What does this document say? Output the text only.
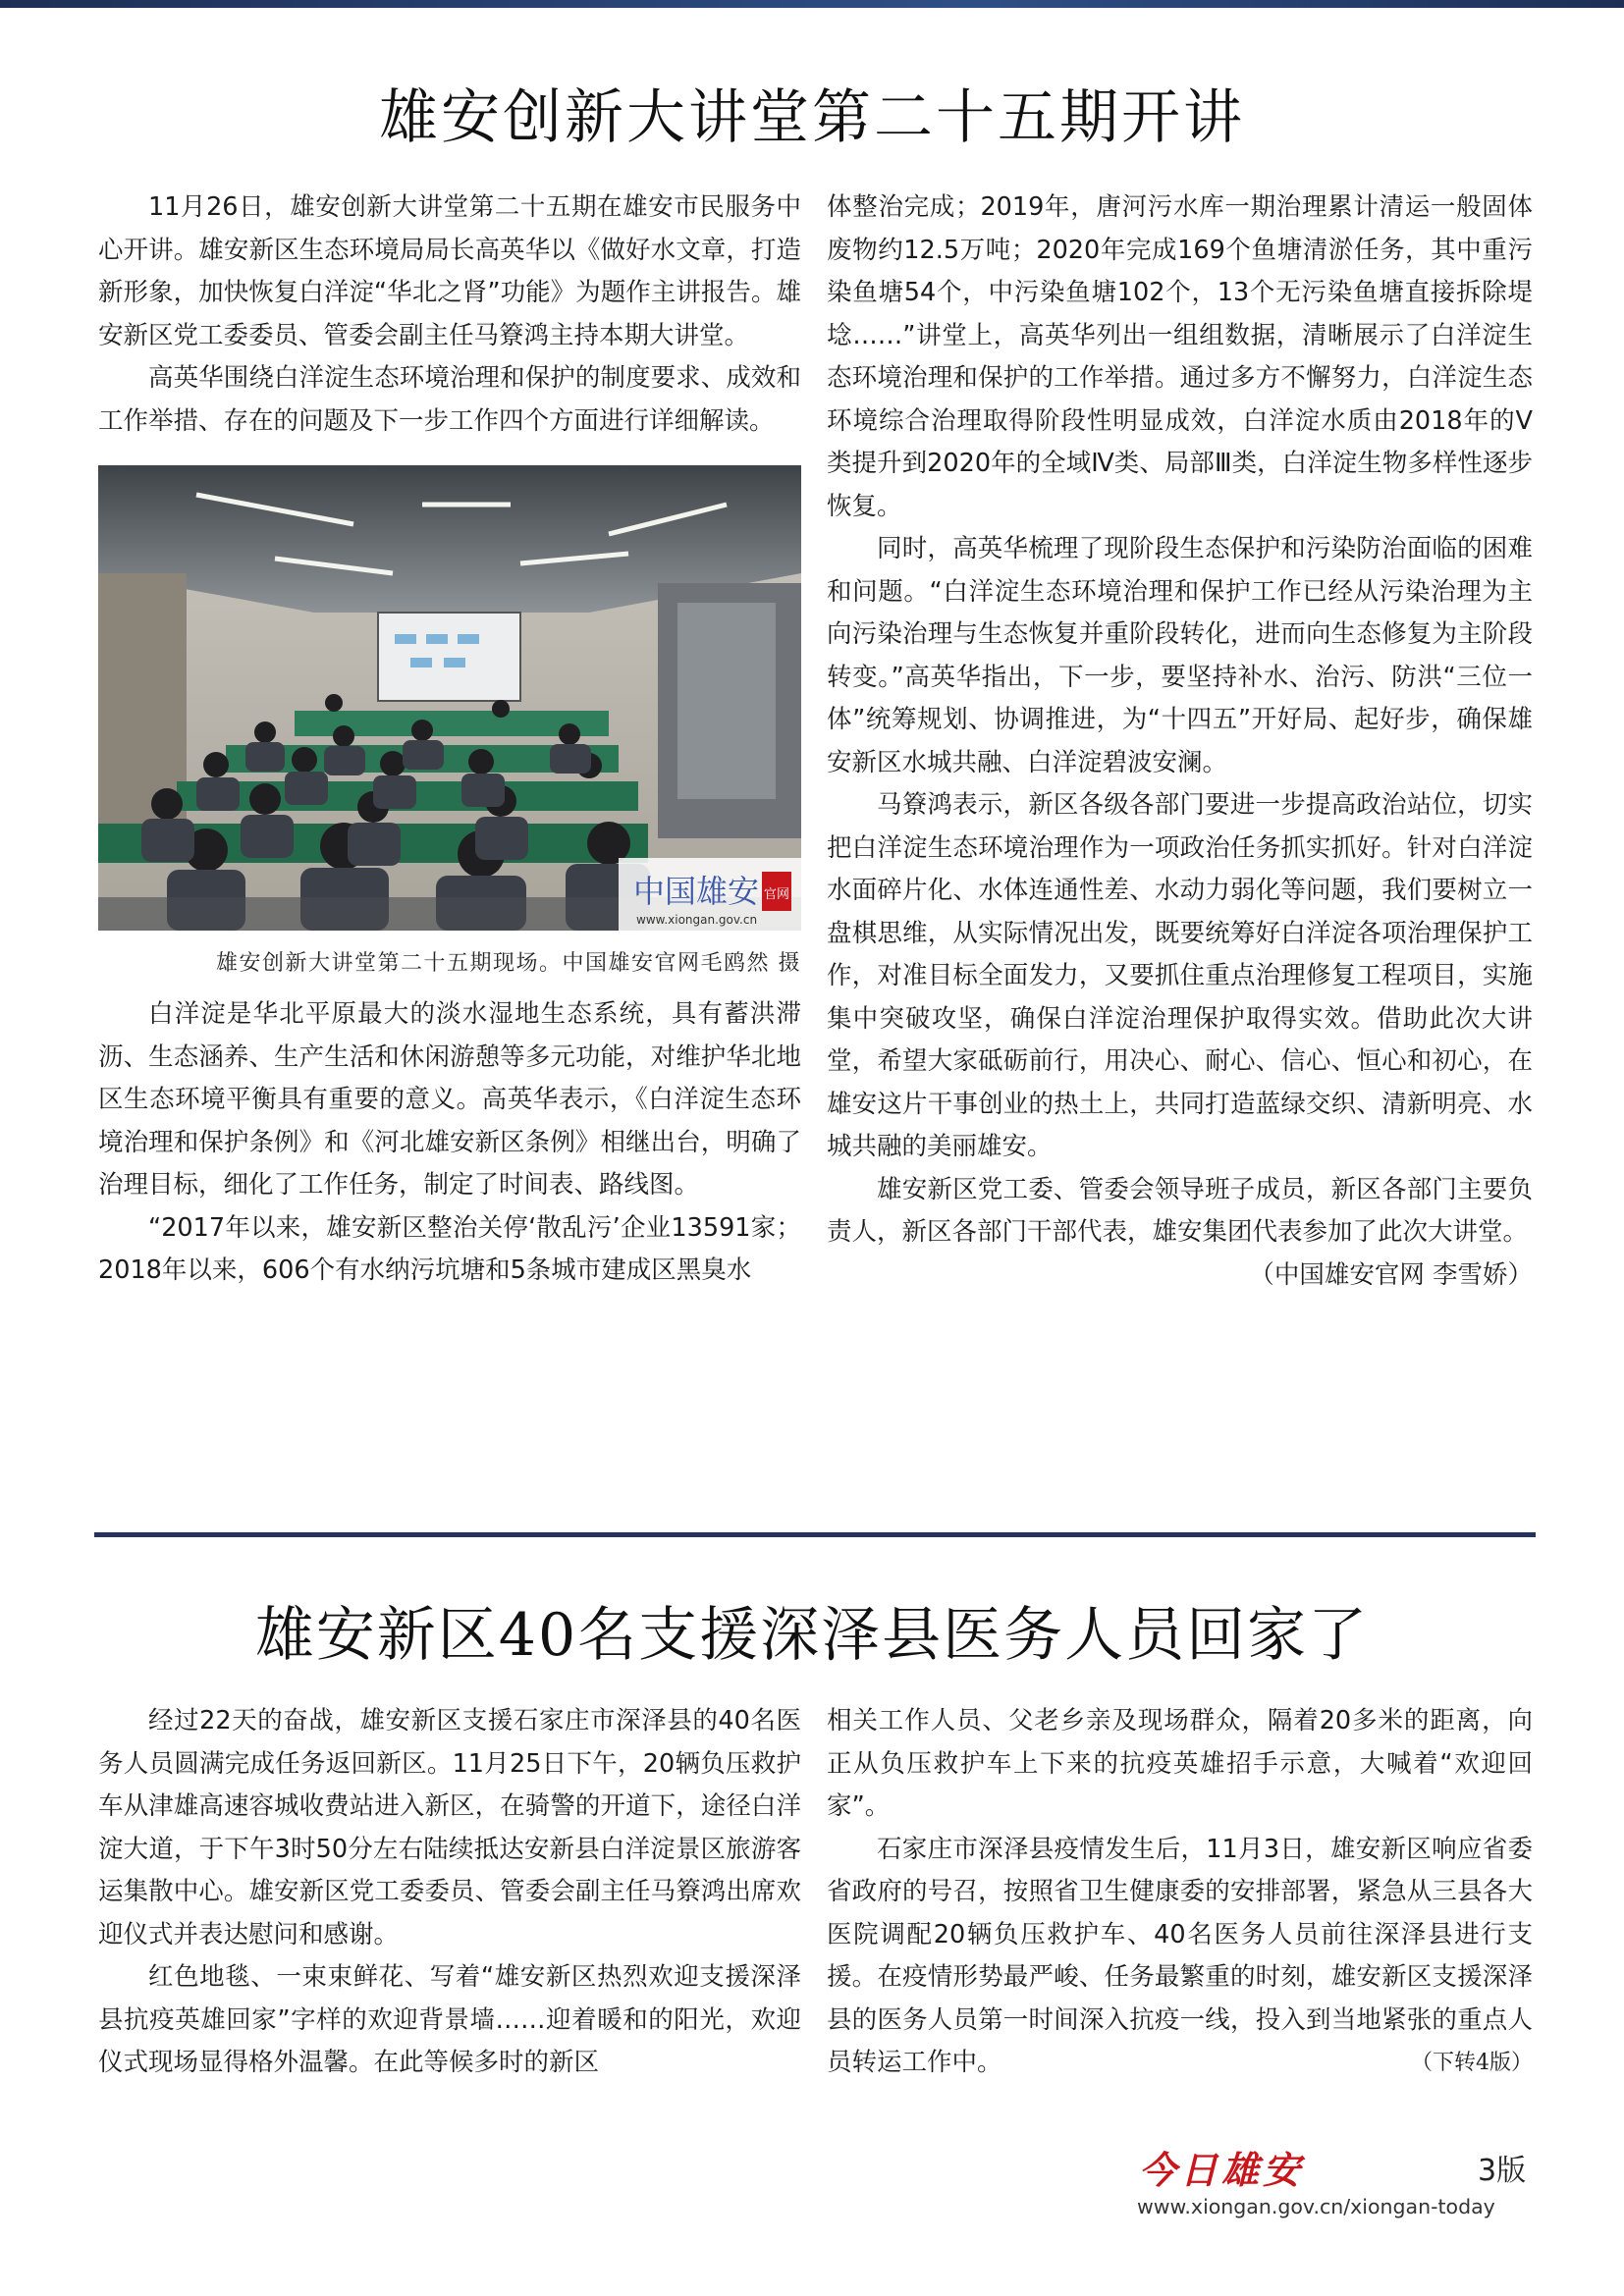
雄安创新大讲堂第二十五期开讲

11月26日，雄安创新大讲堂第二十五期在雄安市民服务中心开讲。雄安新区生态环境局局长高英华以《做好水文章，打造新形象，加快恢复白洋淀“华北之肾”功能》为题作主讲报告。雄安新区党工委委员、管委会副主任马簝鸿主持本期大讲堂。

高英华围绕白洋淀生态环境治理和保护的制度要求、成效和工作举措、存在的问题及下一步工作四个方面进行详细解读。

中国雄安 官网
www.xiongan.gov.cn
雄安创新大讲堂第二十五期现场。中国雄安官网毛鸥然 摄

白洋淀是华北平原最大的淡水湿地生态系统，具有蓄洪滞沥、生态涵养、生产生活和休闲游憩等多元功能，对维护华北地区生态环境平衡具有重要的意义。高英华表示，《白洋淀生态环境治理和保护条例》和《河北雄安新区条例》相继出台，明确了治理目标，细化了工作任务，制定了时间表、路线图。

“2017年以来，雄安新区整治关停‘散乱污’企业13591家；2018年以来，606个有水纳污坑塘和5条城市建成区黑臭水

体整治完成；2019年，唐河污水库一期治理累计清运一般固体废物约12.5万吨；2020年完成169个鱼塘清淤任务，其中重污染鱼塘54个，中污染鱼塘102个，13个无污染鱼塘直接拆除堤埝……”讲堂上，高英华列出一组组数据，清晰展示了白洋淀生态环境治理和保护的工作举措。通过多方不懈努力，白洋淀生态环境综合治理取得阶段性明显成效，白洋淀水质由2018年的Ⅴ类提升到2020年的全域Ⅳ类、局部Ⅲ类，白洋淀生物多样性逐步恢复。

同时，高英华梳理了现阶段生态保护和污染防治面临的困难和问题。“白洋淀生态环境治理和保护工作已经从污染治理为主向污染治理与生态恢复并重阶段转化，进而向生态修复为主阶段转变。”高英华指出，下一步，要坚持补水、治污、防洪“三位一体”统筹规划、协调推进，为“十四五”开好局、起好步，确保雄安新区水城共融、白洋淀碧波安澜。

马簝鸿表示，新区各级各部门要进一步提高政治站位，切实把白洋淀生态环境治理作为一项政治任务抓实抓好。针对白洋淀水面碎片化、水体连通性差、水动力弱化等问题，我们要树立一盘棋思维，从实际情况出发，既要统筹好白洋淀各项治理保护工作，对准目标全面发力，又要抓住重点治理修复工程项目，实施集中突破攻坚，确保白洋淀治理保护取得实效。借助此次大讲堂，希望大家砥砺前行，用决心、耐心、信心、恒心和初心，在雄安这片干事创业的热土上，共同打造蓝绿交织、清新明亮、水城共融的美丽雄安。

雄安新区党工委、管委会领导班子成员，新区各部门主要负责人，新区各部门干部代表，雄安集团代表参加了此次大讲堂。
（中国雄安官网 李雪娇）

雄安新区40名支援深泽县医务人员回家了

经过22天的奋战，雄安新区支援石家庄市深泽县的40名医务人员圆满完成任务返回新区。11月25日下午，20辆负压救护车从津雄高速容城收费站进入新区，在骑警的开道下，途径白洋淀大道，于下午3时50分左右陆续抵达安新县白洋淀景区旅游客运集散中心。雄安新区党工委委员、管委会副主任马簝鸿出席欢迎仪式并表达慰问和感谢。

红色地毯、一束束鲜花、写着“雄安新区热烈欢迎支援深泽县抗疫英雄回家”字样的欢迎背景墙……迎着暖和的阳光，欢迎仪式现场显得格外温馨。在此等候多时的新区

相关工作人员、父老乡亲及现场群众，隔着20多米的距离，向正从负压救护车上下来的抗疫英雄招手示意，大喊着“欢迎回家”。

石家庄市深泽县疫情发生后，11月3日，雄安新区响应省委省政府的号召，按照省卫生健康委的安排部署，紧急从三县各大医院调配20辆负压救护车、40名医务人员前往深泽县进行支援。在疫情形势最严峻、任务最繁重的时刻，雄安新区支援深泽县的医务人员第一时间深入抗疫一线，投入到当地紧张的重点人员转运工作中。	（下转4版）

今日雄安	3版
www.xiongan.gov.cn/xiongan-today
